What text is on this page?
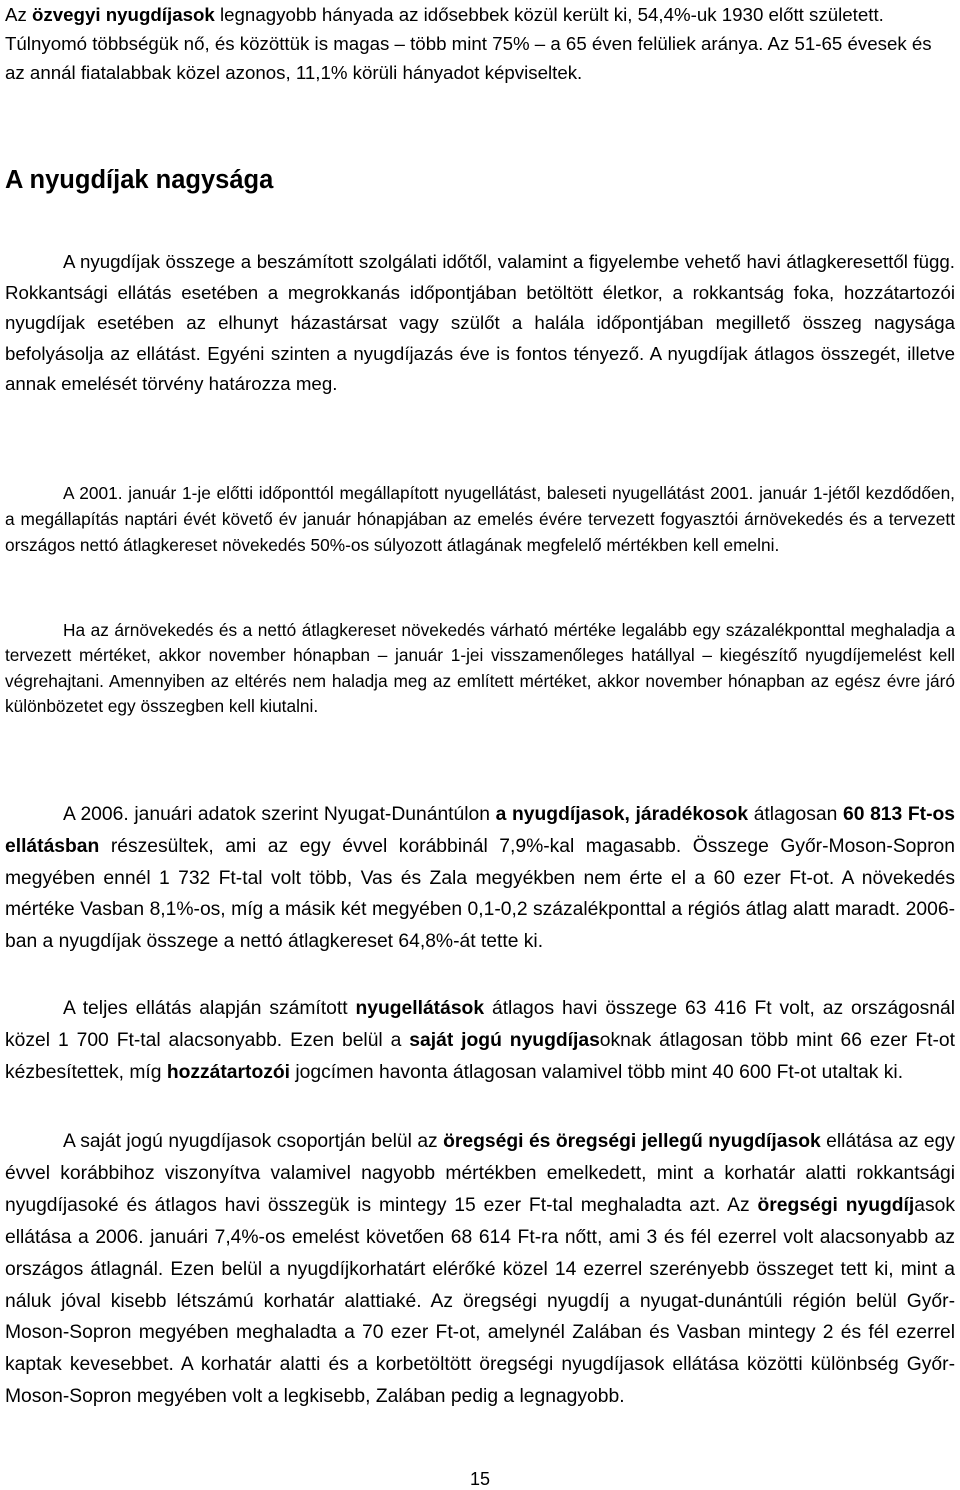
Az özvegyi nyugdíjasok legnagyobb hányada az idősebbek közül került ki, 54,4%-uk 1930 előtt született. Túlnyomó többségük nő, és közöttük is magas – több mint 75% – a 65 éven felüliek aránya. Az 51-65 évesek és az annál fiatalabbak közel azonos, 11,1% körüli hányadot képviseltek.

A nyugdíjak nagysága

A nyugdíjak összege a beszámított szolgálati időtől, valamint a figyelembe vehető havi átlagkeresettől függ. Rokkantsági ellátás esetében a megrokkanás időpontjában betöltött életkor, a rokkantság foka, hozzátartozói nyugdíjak esetében az elhunyt házastársat vagy szülőt a halála időpontjában megillető összeg nagysága befolyásolja az ellátást. Egyéni szinten a nyugdíjazás éve is fontos tényező. A nyugdíjak átlagos összegét, illetve annak emelését törvény határozza meg.

A 2001. január 1-je előtti időponttól megállapított nyugellátást, baleseti nyugellátást 2001. január 1-jétől kezdődően, a megállapítás naptári évét követő év január hónapjában az emelés évére tervezett fogyasztói árnövekedés és a tervezett országos nettó átlagkereset növekedés 50%-os súlyozott átlagának megfelelő mértékben kell emelni.

Ha az árnövekedés és a nettó átlagkereset növekedés várható mértéke legalább egy százalékponttal meghaladja a tervezett mértéket, akkor november hónapban – január 1-jei visszamenőleges hatállyal – kiegészítő nyugdíjemelést kell végrehajtani. Amennyiben az eltérés nem haladja meg az említett mértéket, akkor november hónapban az egész évre járó különbözetet egy összegben kell kiutalni.

A 2006. januári adatok szerint Nyugat-Dunántúlon a nyugdíjasok, járadékosok átlagosan 60 813 Ft-os ellátásban részesültek, ami az egy évvel korábbinál 7,9%-kal magasabb. Összege Győr-Moson-Sopron megyében ennél 1 732 Ft-tal volt több, Vas és Zala megyékben nem érte el a 60 ezer Ft-ot. A növekedés mértéke Vasban 8,1%-os, míg a másik két megyében 0,1-0,2 százalékponttal a régiós átlag alatt maradt. 2006-ban a nyugdíjak összege a nettó átlagkereset 64,8%-át tette ki.

A teljes ellátás alapján számított nyugellátások átlagos havi összege 63 416 Ft volt, az országosnál közel 1 700 Ft-tal alacsonyabb. Ezen belül a saját jogú nyugdíjasoknak átlagosan több mint 66 ezer Ft-ot kézbesítettek, míg hozzátartozói jogcímen havonta átlagosan valamivel több mint 40 600 Ft-ot utaltak ki.

A saját jogú nyugdíjasok csoportján belül az öregségi és öregségi jellegű nyugdíjasok ellátása az egy évvel korábbihoz viszonyítva valamivel nagyobb mértékben emelkedett, mint a korhatár alatti rokkantsági nyugdíjasoké és átlagos havi összegük is mintegy 15 ezer Ft-tal meghaladta azt. Az öregségi nyugdíjasok ellátása a 2006. januári 7,4%-os emelést követően 68 614 Ft-ra nőtt, ami 3 és fél ezerrel volt alacsonyabb az országos átlagnál. Ezen belül a nyugdíjkorhatárt elérőké közel 14 ezerrel szerényebb összeget tett ki, mint a náluk jóval kisebb létszámú korhatár alattiaké. Az öregségi nyugdíj a nyugat-dunántúli régión belül Győr-Moson-Sopron megyében meghaladta a 70 ezer Ft-ot, amelynél Zalában és Vasban mintegy 2 és fél ezerrel kaptak kevesebbet. A korhatár alatti és a korbetöltött öregségi nyugdíjasok ellátása közötti különbség Győr-Moson-Sopron megyében volt a legkisebb, Zalában pedig a legnagyobb.

15
